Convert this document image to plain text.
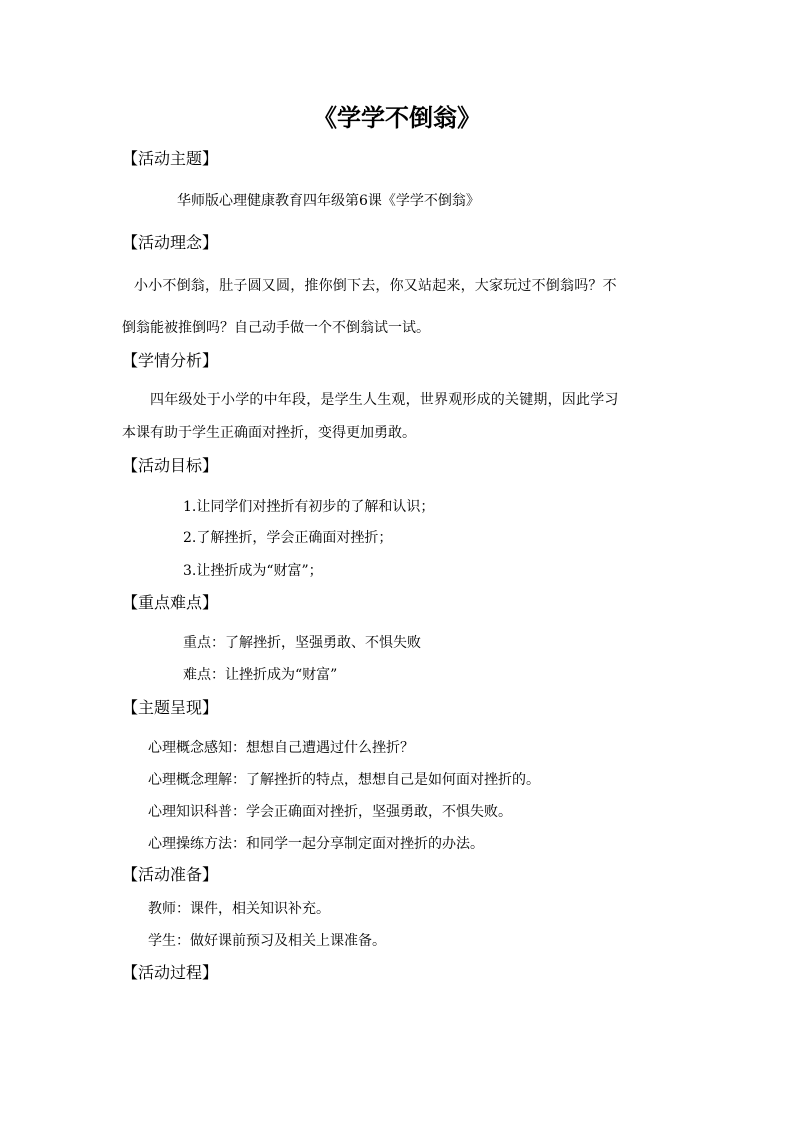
《学学不倒翁》
【活动主题】
华师版心理健康教育四年级第6课《学学不倒翁》
【活动理念】
小小不倒翁，肚子圆又圆，推你倒下去，你又站起来，大家玩过不倒翁吗？不
倒翁能被推倒吗？自己动手做一个不倒翁试一试。
【学情分析】
四年级处于小学的中年段，是学生人生观，世界观形成的关键期，因此学习
本课有助于学生正确面对挫折，变得更加勇敢。
【活动目标】
1.让同学们对挫折有初步的了解和认识；
2.了解挫折，学会正确面对挫折；
3.让挫折成为“财富”；
【重点难点】
重点：了解挫折，坚强勇敢、不惧失败
难点：让挫折成为“财富”
【主题呈现】
心理概念感知：想想自己遭遇过什么挫折？
心理概念理解：了解挫折的特点，想想自己是如何面对挫折的。
心理知识科普：学会正确面对挫折，坚强勇敢，不惧失败。
心理操练方法：和同学一起分享制定面对挫折的办法。
【活动准备】
教师：课件，相关知识补充。
学生：做好课前预习及相关上课准备。
【活动过程】
